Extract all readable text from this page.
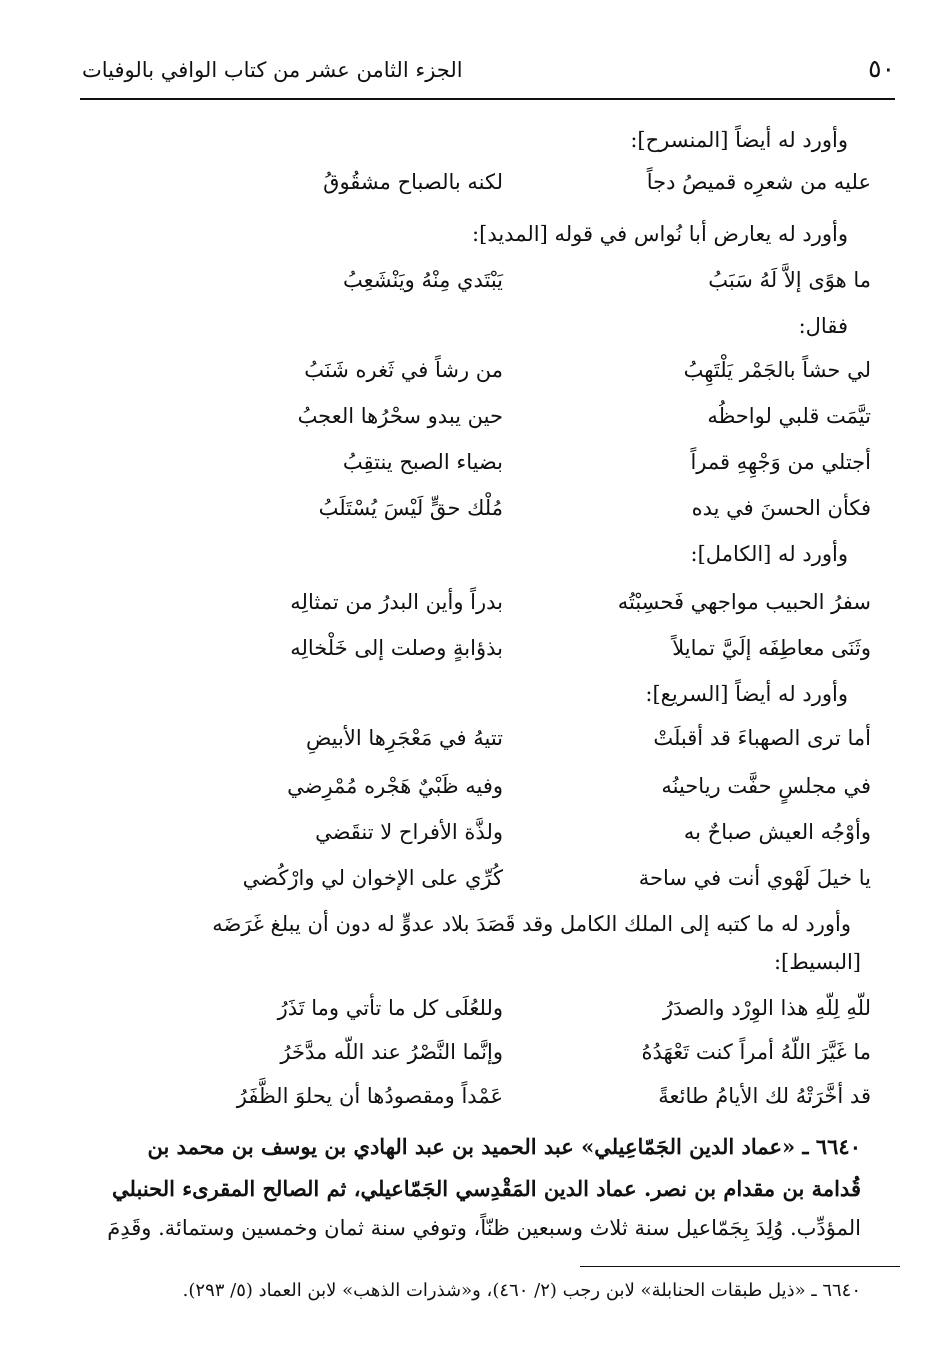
٥٠
الجزء الثامن عشر من كتاب الوافي بالوفيات
وأورد له أيضاً [المنسرح]:
عليه من شعرِه قميصُ دجاً
لكنه بالصباح مشقُوقُ
وأورد له يعارض أبا نُواس في قوله [المديد]:
ما هوًى إلاَّ لَهُ سَبَبُ
يَبْتَدي مِنْهُ ويَنْشَعِبُ
فقال:
لي حشاً بالجَمْر يَلْتَهِبُ
من رشاً في ثَغره شَنَبُ
تيَّمَت قلبي لواحظُه
حين يبدو سحْرُها العجبُ
أجتلي من وَجْهِهِ قمراً
بضياء الصبح ينتقِبُ
فكأن الحسنَ في يده
مُلْك حقٍّ لَيْسَ يُسْتَلَبُ
وأورد له [الكامل]:
سفرُ الحبيب مواجهي فَحسِبْتُه
بدراً وأين البدرُ من تمثالِه
وثَنَى معاطِفَه إلَيَّ تمايلاً
بذؤابةٍ وصلت إلى خَلْخالِه
وأورد له أيضاً [السريع]:
أما ترى الصهباءَ قد أقبلَتْ
تتيهُ في مَعْجَرِها الأبيضِ
في مجلسٍ حفَّت رياحينُه
وفيه ظَبْيٌ هَجْره مُمْرِضي
وأوْجُه العيش صباحٌ به
ولذَّة الأفراح لا تنقَضي
يا خيلَ لَهْوي أنت في ساحة
كُرِّي على الإخوان لي وارْكُضي
وأورد له ما كتبه إلى الملك الكامل وقد قَصَدَ بلاد عدوٍّ له دون أن يبلغ غَرَضَه
[البسيط]:
للّهِ لِلّهِ هذا الوِرْد والصدَرُ
وللعُلَى كل ما تأتي وما تَذَرُ
ما غَيَّرَ اللّهُ أمراً كنت تَعْهَدُهُ
وإنَّما النَّصْرُ عند اللّه مدَّخَرُ
قد أخَّرَتْهُ لك الأيامُ طائعةً
عَمْداً ومقصودُها أن يحلوَ الظَّفَرُ
٦٦٤٠ ـ «عماد الدين الجَمّاعِيلي» عبد الحميد بن عبد الهادي بن يوسف بن محمد بن
قُدامة بن مقدام بن نصر. عماد الدين المَقْدِسي الجَمّاعيلي، ثم الصالح المقرىء الحنبلي
المؤدِّب. وُلِدَ بِجَمّاعيل سنة ثلاث وسبعين ظنّاً، وتوفي سنة ثمان وخمسين وستمائة. وقَدِمَ
٦٦٤٠ ـ «ذيل طبقات الحنابلة» لابن رجب (٢/ ٤٦٠)، و«شذرات الذهب» لابن العماد (٥/ ٢٩٣).
